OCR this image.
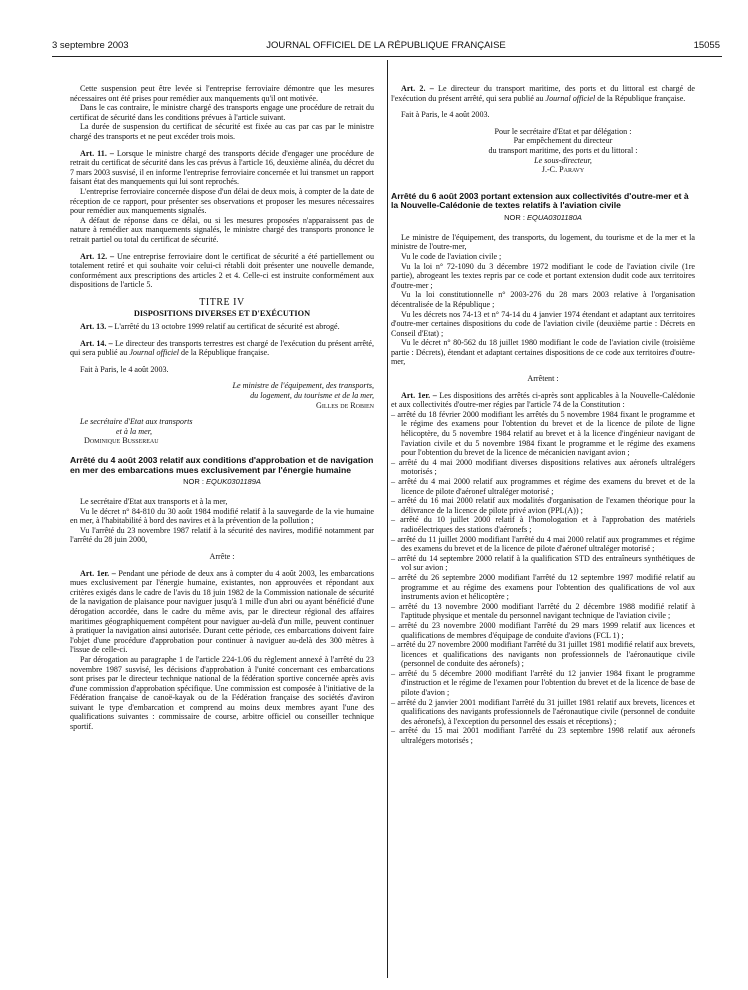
3 septembre 2003	JOURNAL OFFICIEL DE LA RÉPUBLIQUE FRANÇAISE	15055

Cette suspension peut être levée si l'entreprise ferroviaire démontre que les mesures nécessaires ont été prises pour remédier aux manquements qu'il ont motivée.

Dans le cas contraire, le ministre chargé des transports engage une procédure de retrait du certificat de sécurité dans les conditions prévues à l'article suivant.

La durée de suspension du certificat de sécurité est fixée au cas par cas par le ministre chargé des transports et ne peut excéder trois mois.

Art. 11. – Lorsque le ministre chargé des transports décide d'engager une procédure de retrait du certificat de sécurité dans les cas prévus à l'article 16, deuxième alinéa, du décret du 7 mars 2003 susvisé, il en informe l'entreprise ferroviaire concernée et lui transmet un rapport faisant état des manquements qui lui sont reprochés.

L'entreprise ferroviaire concernée dispose d'un délai de deux mois, à compter de la date de réception de ce rapport, pour présenter ses observations et proposer les mesures nécessaires pour remédier aux manquements signalés.

A défaut de réponse dans ce délai, ou si les mesures proposées n'apparaissent pas de nature à remédier aux manquements signalés, le ministre chargé des transports prononce le retrait partiel ou total du certificat de sécurité.

Art. 12. – Une entreprise ferroviaire dont le certificat de sécurité a été partiellement ou totalement retiré et qui souhaite voir celui-ci rétabli doit présenter une nouvelle demande, conformément aux prescriptions des articles 2 et 4. Celle-ci est instruite conformément aux dispositions de l'article 5.

TITRE IV
DISPOSITIONS DIVERSES ET D'EXÉCUTION

Art. 13. – L'arrêté du 13 octobre 1999 relatif au certificat de sécurité est abrogé.

Art. 14. – Le directeur des transports terrestres est chargé de l'exécution du présent arrêté, qui sera publié au Journal officiel de la République française.

Fait à Paris, le 4 août 2003.

Le ministre de l'équipement, des transports,

du logement, du tourisme et de la mer,

Gilles de Robien

Le secrétaire d'Etat aux transports

et à la mer,

Dominique Bussereau

Arrêté du 4 août 2003 relatif aux conditions d'approbation et de navigation en mer des embarcations mues exclusivement par l'énergie humaine
NOR : EQUK0301189A

Le secrétaire d'Etat aux transports et à la mer,

Vu le décret n° 84-810 du 30 août 1984 modifié relatif à la sauvegarde de la vie humaine en mer, à l'habitabilité à bord des navires et à la prévention de la pollution ;

Vu l'arrêté du 23 novembre 1987 relatif à la sécurité des navires, modifié notamment par l'arrêté du 28 juin 2000,

Arrête :

Art. 1er. – Pendant une période de deux ans à compter du 4 août 2003, les embarcations mues exclusivement par l'énergie humaine, existantes, non approuvées et répondant aux critères exigés dans le cadre de l'avis du 18 juin 1982 de la Commission nationale de sécurité de la navigation de plaisance pour naviguer jusqu'à 1 mille d'un abri ou ayant bénéficié d'une dérogation accordée, dans le cadre du même avis, par le directeur régional des affaires maritimes géographiquement compétent pour naviguer au-delà d'un mille, peuvent continuer à pratiquer la navigation ainsi autorisée. Durant cette période, ces embarcations doivent faire l'objet d'une procédure d'approbation pour continuer à naviguer au-delà des 300 mètres à l'issue de celle-ci.

Par dérogation au paragraphe 1 de l'article 224-1.06 du règlement annexé à l'arrêté du 23 novembre 1987 susvisé, les décisions d'approbation à l'unité concernant ces embarcations sont prises par le directeur technique national de la fédération sportive concernée après avis d'une commission d'approbation spécifique. Une commission est composée à l'initiative de la Fédération française de canoë-kayak ou de la Fédération française des sociétés d'aviron suivant le type d'embarcation et comprend au moins deux membres ayant l'une des qualifications suivantes : commissaire de course, arbitre officiel ou conseiller technique sportif.

Art. 2. – Le directeur du transport maritime, des ports et du littoral est chargé de l'exécution du présent arrêté, qui sera publié au Journal officiel de la République française.

Fait à Paris, le 4 août 2003.

Pour le secrétaire d'Etat et par délégation :

Par empêchement du directeur

du transport maritime, des ports et du littoral :

Le sous-directeur,

J.-C. Paravy

Arrêté du 6 août 2003 portant extension aux collectivités d'outre-mer et à la Nouvelle-Calédonie de textes relatifs à l'aviation civile
NOR : EQUA0301180A

Le ministre de l'équipement, des transports, du logement, du tourisme et de la mer et la ministre de l'outre-mer,

Vu le code de l'aviation civile ;

Vu la loi n° 72-1090 du 3 décembre 1972 modifiant le code de l'aviation civile (1re partie), abrogeant les textes repris par ce code et portant extension dudit code aux territoires d'outre-mer ;

Vu la loi constitutionnelle n° 2003-276 du 28 mars 2003 relative à l'organisation décentralisée de la République ;

Vu les décrets nos 74-13 et n° 74-14 du 4 janvier 1974 étendant et adaptant aux territoires d'outre-mer certaines dispositions du code de l'aviation civile (deuxième partie : Décrets en Conseil d'Etat) ;

Vu le décret n° 80-562 du 18 juillet 1980 modifiant le code de l'aviation civile (troisième partie : Décrets), étendant et adaptant certaines dispositions de ce code aux territoires d'outre-mer,

Arrêtent :

Art. 1er. – Les dispositions des arrêtés ci-après sont applicables à la Nouvelle-Calédonie et aux collectivités d'outre-mer régies par l'article 74 de la Constitution :

– arrêté du 18 février 2000 modifiant les arrêtés du 5 novembre 1984 fixant le programme et le régime des examens pour l'obtention du brevet et de la licence de pilote de ligne hélicoptère, du 5 novembre 1984 relatif au brevet et à la licence d'ingénieur navigant de l'aviation civile et du 5 novembre 1984 fixant le programme et le régime des examens pour l'obtention du brevet de la licence de mécanicien navigant avion ;
– arrêté du 4 mai 2000 modifiant diverses dispositions relatives aux aéronefs ultralégers motorisés ;
– arrêté du 4 mai 2000 relatif aux programmes et régime des examens du brevet et de la licence de pilote d'aéronef ultraléger motorisé ;
– arrêté du 16 mai 2000 relatif aux modalités d'organisation de l'examen théorique pour la délivrance de la licence de pilote privé avion (PPL(A)) ;
– arrêté du 10 juillet 2000 relatif à l'homologation et à l'approbation des matériels radioélectriques des stations d'aéronefs ;
– arrêté du 11 juillet 2000 modifiant l'arrêté du 4 mai 2000 relatif aux programmes et régime des examens du brevet et de la licence de pilote d'aéronef ultraléger motorisé ;
– arrêté du 14 septembre 2000 relatif à la qualification STD des entraîneurs synthétiques de vol sur avion ;
– arrêté du 26 septembre 2000 modifiant l'arrêté du 12 septembre 1997 modifié relatif au programme et au régime des examens pour l'obtention des qualifications de vol aux instruments avion et hélicoptère ;
– arrêté du 13 novembre 2000 modifiant l'arrêté du 2 décembre 1988 modifié relatif à l'aptitude physique et mentale du personnel navigant technique de l'aviation civile ;
– arrêté du 23 novembre 2000 modifiant l'arrêté du 29 mars 1999 relatif aux licences et qualifications de membres d'équipage de conduite d'avions (FCL 1) ;
– arrêté du 27 novembre 2000 modifiant l'arrêté du 31 juillet 1981 modifié relatif aux brevets, licences et qualifications des navigants non professionnels de l'aéronautique civile (personnel de conduite des aéronefs) ;
– arrêté du 5 décembre 2000 modifiant l'arrêté du 12 janvier 1984 fixant le programme d'instruction et le régime de l'examen pour l'obtention du brevet et de la licence de base de pilote d'avion ;
– arrêté du 2 janvier 2001 modifiant l'arrêté du 31 juillet 1981 relatif aux brevets, licences et qualifications des navigants professionnels de l'aéronautique civile (personnel de conduite des aéronefs), à l'exception du personnel des essais et réceptions) ;
– arrêté du 15 mai 2001 modifiant l'arrêté du 23 septembre 1998 relatif aux aéronefs ultralégers motorisés ;
